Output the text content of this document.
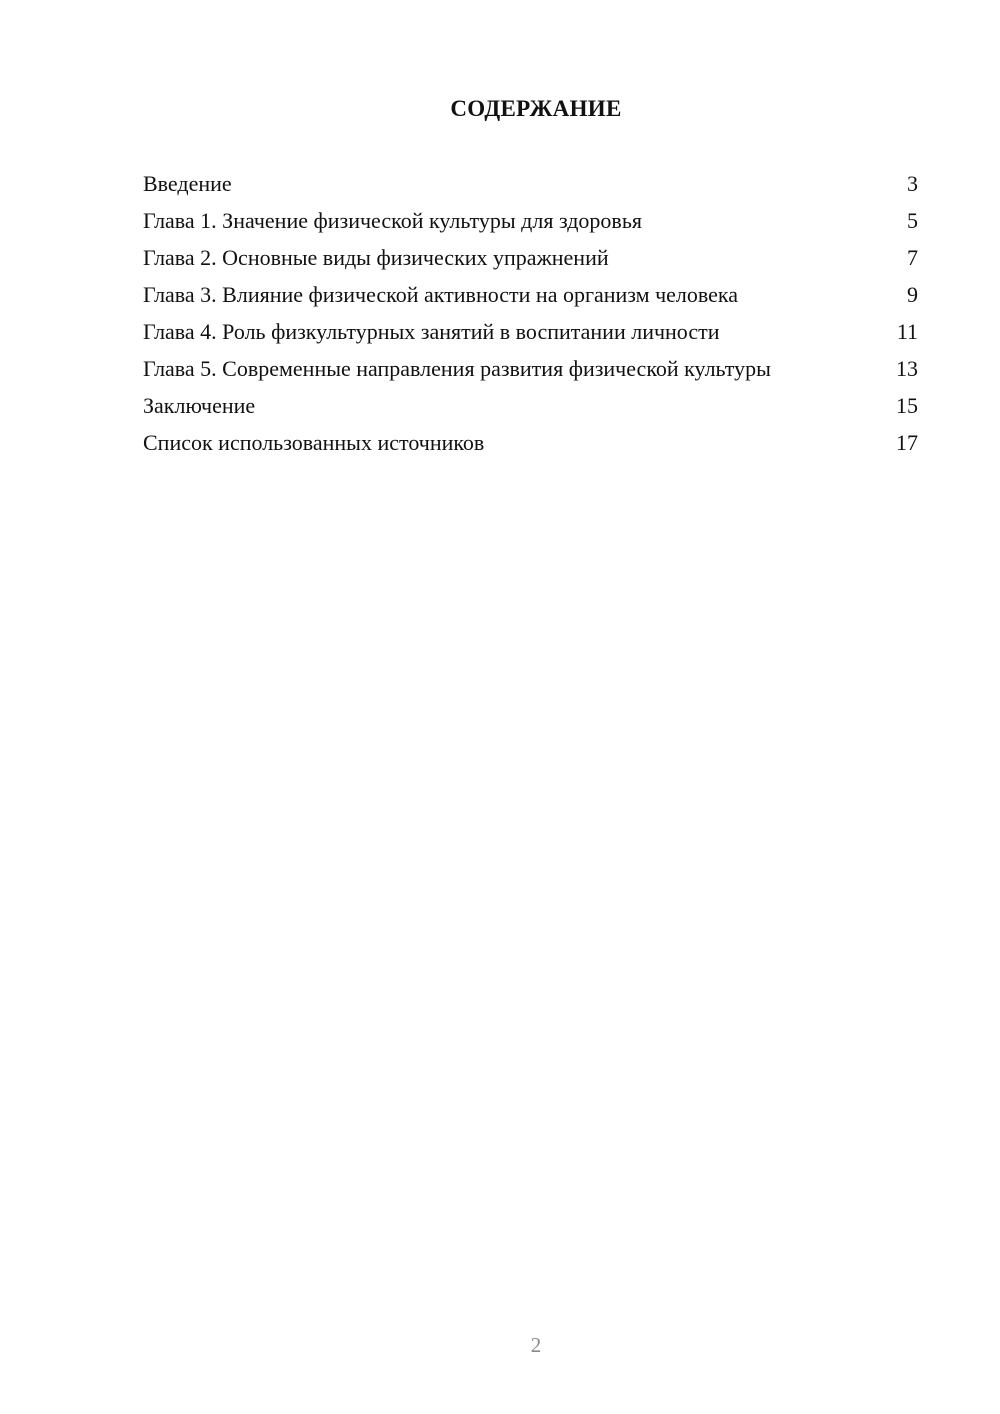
СОДЕРЖАНИЕ
Введение	3
Глава 1. Значение физической культуры для здоровья	5
Глава 2. Основные виды физических упражнений	7
Глава 3. Влияние физической активности на организм человека	9
Глава 4. Роль физкультурных занятий в воспитании личности	11
Глава 5. Современные направления развития физической культуры	13
Заключение	15
Список использованных источников	17
2
